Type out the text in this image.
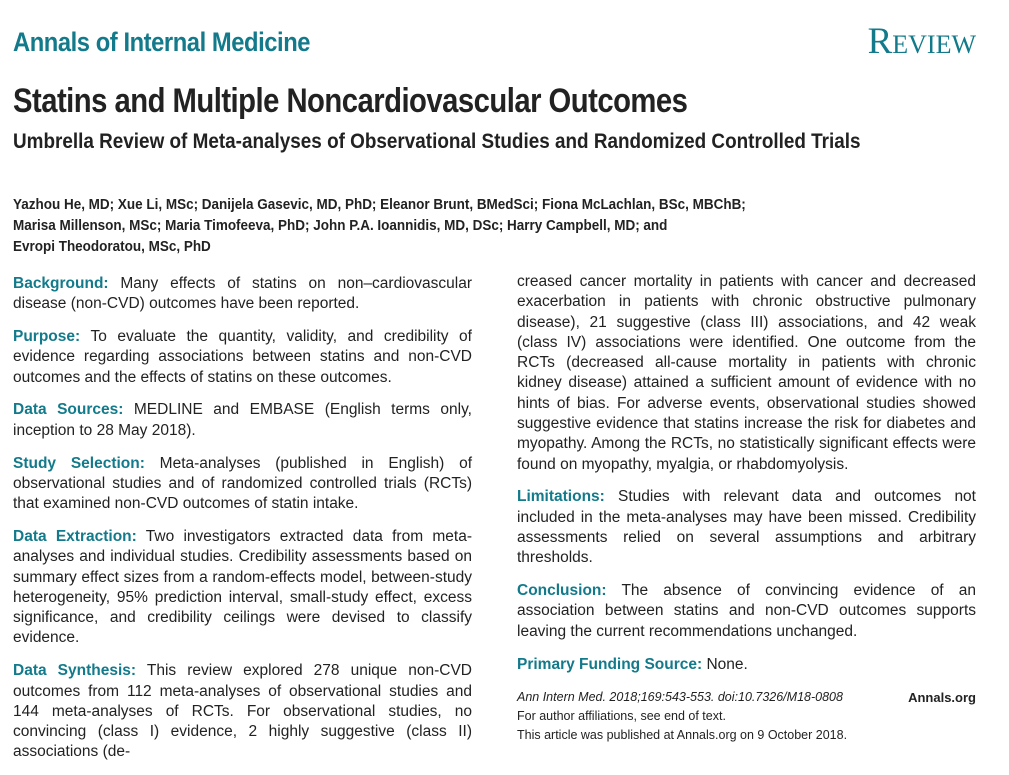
Annals of Internal Medicine	Review
Statins and Multiple Noncardiovascular Outcomes
Umbrella Review of Meta-analyses of Observational Studies and Randomized Controlled Trials
Yazhou He, MD; Xue Li, MSc; Danijela Gasevic, MD, PhD; Eleanor Brunt, BMedSci; Fiona McLachlan, BSc, MBChB;
Marisa Millenson, MSc; Maria Timofeeva, PhD; John P.A. Ioannidis, MD, DSc; Harry Campbell, MD; and
Evropi Theodoratou, MSc, PhD

Background: Many effects of statins on non–cardiovascular disease (non-CVD) outcomes have been reported.

Purpose: To evaluate the quantity, validity, and credibility of evidence regarding associations between statins and non-CVD outcomes and the effects of statins on these outcomes.

Data Sources: MEDLINE and EMBASE (English terms only, inception to 28 May 2018).

Study Selection: Meta-analyses (published in English) of observational studies and of randomized controlled trials (RCTs) that examined non-CVD outcomes of statin intake.

Data Extraction: Two investigators extracted data from meta-analyses and individual studies. Credibility assessments based on summary effect sizes from a random-effects model, between-study heterogeneity, 95% prediction interval, small-study effect, excess significance, and credibility ceilings were devised to classify evidence.

Data Synthesis: This review explored 278 unique non-CVD outcomes from 112 meta-analyses of observational studies and 144 meta-analyses of RCTs. For observational studies, no convincing (class I) evidence, 2 highly suggestive (class II) associations (de-

creased cancer mortality in patients with cancer and decreased exacerbation in patients with chronic obstructive pulmonary disease), 21 suggestive (class III) associations, and 42 weak (class IV) associations were identified. One outcome from the RCTs (decreased all-cause mortality in patients with chronic kidney disease) attained a sufficient amount of evidence with no hints of bias. For adverse events, observational studies showed suggestive evidence that statins increase the risk for diabetes and myopathy. Among the RCTs, no statistically significant effects were found on myopathy, myalgia, or rhabdomyolysis.

Limitations: Studies with relevant data and outcomes not included in the meta-analyses may have been missed. Credibility assessments relied on several assumptions and arbitrary thresholds.

Conclusion: The absence of convincing evidence of an association between statins and non-CVD outcomes supports leaving the current recommendations unchanged.

Primary Funding Source: None.

Ann Intern Med. 2018;169:543-553. doi:10.7326/M18-0808	Annals.org
For author affiliations, see end of text.
This article was published at Annals.org on 9 October 2018.
